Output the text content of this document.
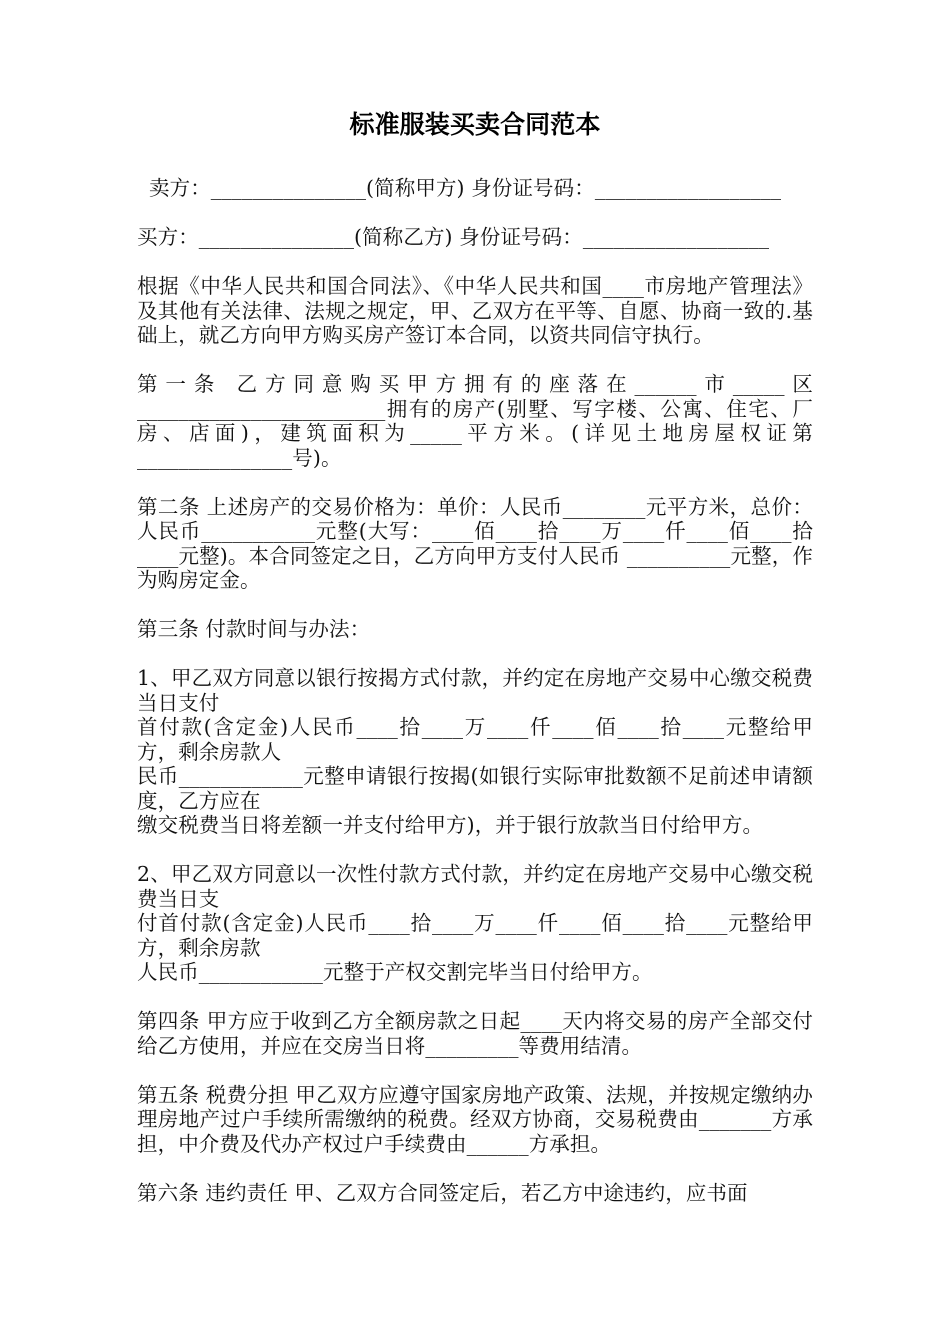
标准服装买卖合同范本

卖方：_______________(简称甲方) 身份证号码：__________________

买方：_______________(简称乙方) 身份证号码：__________________

根据《中华人民共和国合同法》、《中华人民共和国____市房地产管理法》及其他有关法律、法规之规定，甲、乙双方在平等、自愿、协商一致的.基础上，就乙方向甲方购买房产签订本合同，以资共同信守执行。

第一条 乙方同意购买甲方拥有的座落在______市_____区________________________拥有的房产(别墅、写字楼、公寓、住宅、厂房、店面)，建筑面积为_____平方米。(详见土地房屋权证第_______________号)。

第二条 上述房产的交易价格为：单价：人民币________元平方米，总价：人民币___________元整(大写：____佰____拾____万____仟____佰____拾____元整)。本合同签定之日，乙方向甲方支付人民币 __________元整，作为购房定金。

第三条 付款时间与办法：

1、甲乙双方同意以银行按揭方式付款，并约定在房地产交易中心缴交税费当日支付
首付款(含定金)人民币____拾____万____仟____佰____拾____元整给甲方，剩余房款人
民币____________元整申请银行按揭(如银行实际审批数额不足前述申请额度，乙方应在
缴交税费当日将差额一并支付给甲方)，并于银行放款当日付给甲方。
2、甲乙双方同意以一次性付款方式付款，并约定在房地产交易中心缴交税费当日支
付首付款(含定金)人民币____拾____万____仟____佰____拾____元整给甲方，剩余房款
人民币____________元整于产权交割完毕当日付给甲方。

第四条 甲方应于收到乙方全额房款之日起____天内将交易的房产全部交付给乙方使用，并应在交房当日将_________等费用结清。

第五条 税费分担 甲乙双方应遵守国家房地产政策、法规，并按规定缴纳办理房地产过户手续所需缴纳的税费。经双方协商，交易税费由_______方承担，中介费及代办产权过户手续费由______方承担。

第六条 违约责任 甲、乙双方合同签定后，若乙方中途违约，应书面
